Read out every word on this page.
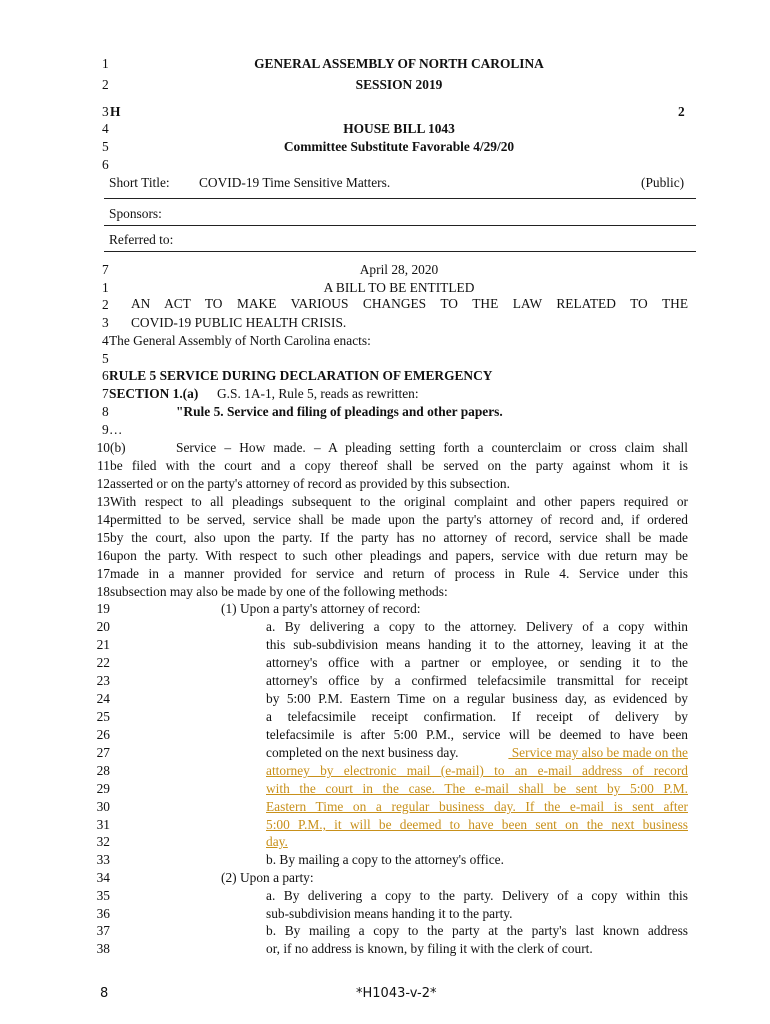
1	GENERAL ASSEMBLY OF NORTH CAROLINA
2	SESSION 2019
3 H	2
4	HOUSE BILL 1043
5	Committee Substitute Favorable 4/29/20
6
Short Title: COVID-19 Time Sensitive Matters.	(Public)
Sponsors:
Referred to:
7	April 28, 2020
1	A BILL TO BE ENTITLED
2 AN ACT TO MAKE VARIOUS CHANGES TO THE LAW RELATED TO THE
3 COVID-19 PUBLIC HEALTH CRISIS.
4 The General Assembly of North Carolina enacts:
5
6 RULE 5 SERVICE DURING DECLARATION OF EMERGENCY
7 SECTION 1.(a) G.S. 1A-1, Rule 5, reads as rewritten:
8	"Rule 5. Service and filing of pleadings and other papers.
9 …
10 (b)	Service – How made. – A pleading setting forth a counterclaim or cross claim shall
11 be filed with the court and a copy thereof shall be served on the party against whom it is
12 asserted or on the party's attorney of record as provided by this subsection.
13 With respect to all pleadings subsequent to the original complaint and other papers required or
14 permitted to be served, service shall be made upon the party's attorney of record and, if ordered
15 by the court, also upon the party. If the party has no attorney of record, service shall be made
16 upon the party. With respect to such other pleadings and papers, service with due return may be
17 made in a manner provided for service and return of process in Rule 4. Service under this
18 subsection may also be made by one of the following methods:
19	(1) Upon a party's attorney of record:
20	a. By delivering a copy to the attorney. Delivery of a copy within
21	this sub-subdivision means handing it to the attorney, leaving it at the
22	attorney's office with a partner or employee, or sending it to the
23	attorney's office by a confirmed telefacsimile transmittal for receipt
24	by 5:00 P.M. Eastern Time on a regular business day, as evidenced by
25	a telefacsimile receipt confirmation. If receipt of delivery by
26	telefacsimile is after 5:00 P.M., service will be deemed to have been
27	completed on the next business day.	Service may also be made on the
28	attorney by electronic mail (e-mail) to an e-mail address of record
29	with the court in the case. The e-mail shall be sent by 5:00 P.M.
30	Eastern Time on a regular business day. If the e-mail is sent after
31	5:00 P.M., it will be deemed to have been sent on the next business
32	day.
33	b. By mailing a copy to the attorney's office.
34	(2) Upon a party:
35	a. By delivering a copy to the party. Delivery of a copy within this
36	sub-subdivision means handing it to the party.
37	b. By mailing a copy to the party at the party's last known address
38	or, if no address is known, by filing it with the clerk of court.
8	*H1043-v-2*
